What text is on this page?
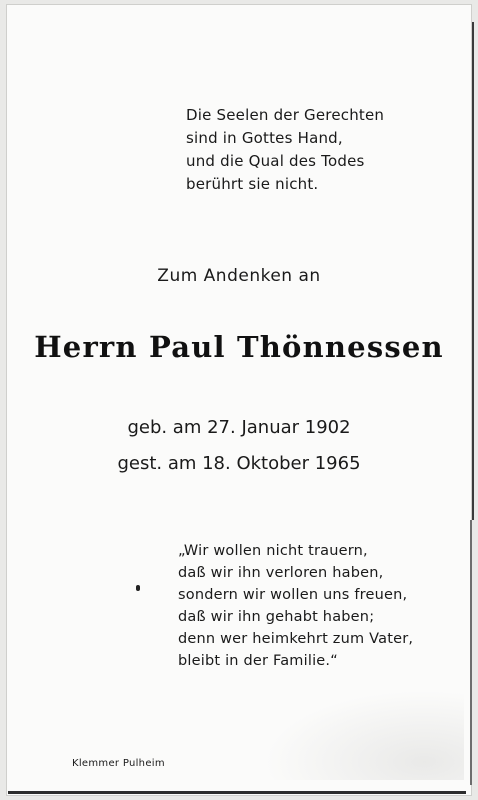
Die Seelen der Gerechten
sind in Gottes Hand,
und die Qual des Todes
berührt sie nicht.
Zum Andenken an
Herrn Paul Thönnessen
geb. am 27. Januar 1902
gest. am 18. Oktober 1965
„Wir wollen nicht trauern,
daß wir ihn verloren haben,
sondern wir wollen uns freuen,
daß wir ihn gehabt haben;
denn wer heimkehrt zum Vater,
bleibt in der Familie.“
Klemmer Pulheim
